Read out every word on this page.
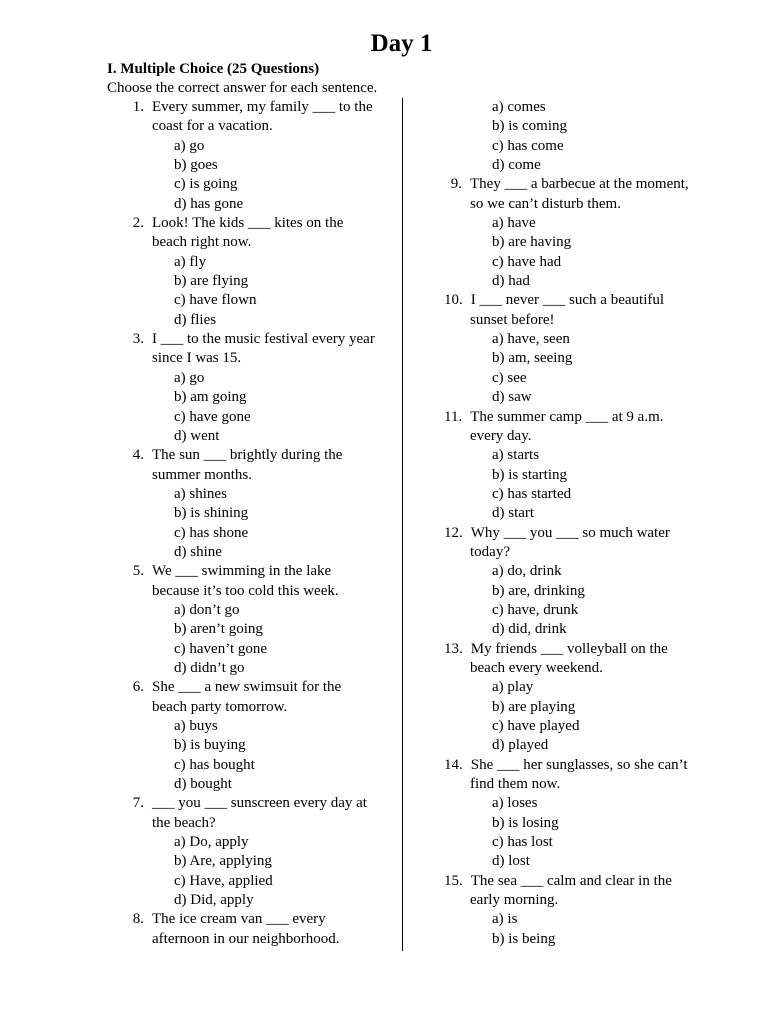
Day 1
I. Multiple Choice (25 Questions)
Choose the correct answer for each sentence.
1. Every summer, my family ___ to the
coast for a vacation.
a) go
b) goes
c) is going
d) has gone
2. Look! The kids ___ kites on the
beach right now.
a) fly
b) are flying
c) have flown
d) flies
3. I ___ to the music festival every year
since I was 15.
a) go
b) am going
c) have gone
d) went
4. The sun ___ brightly during the
summer months.
a) shines
b) is shining
c) has shone
d) shine
5. We ___ swimming in the lake
because it’s too cold this week.
a) don’t go
b) aren’t going
c) haven’t gone
d) didn’t go
6. She ___ a new swimsuit for the
beach party tomorrow.
a) buys
b) is buying
c) has bought
d) bought
7. ___ you ___ sunscreen every day at
the beach?
a) Do, apply
b) Are, applying
c) Have, applied
d) Did, apply
8. The ice cream van ___ every
afternoon in our neighborhood.
a) comes
b) is coming
c) has come
d) come
9. They ___ a barbecue at the moment,
so we can’t disturb them.
a) have
b) are having
c) have had
d) had
10. I ___ never ___ such a beautiful
sunset before!
a) have, seen
b) am, seeing
c) see
d) saw
11. The summer camp ___ at 9 a.m.
every day.
a) starts
b) is starting
c) has started
d) start
12. Why ___ you ___ so much water
today?
a) do, drink
b) are, drinking
c) have, drunk
d) did, drink
13. My friends ___ volleyball on the
beach every weekend.
a) play
b) are playing
c) have played
d) played
14. She ___ her sunglasses, so she can’t
find them now.
a) loses
b) is losing
c) has lost
d) lost
15. The sea ___ calm and clear in the
early morning.
a) is
b) is being
